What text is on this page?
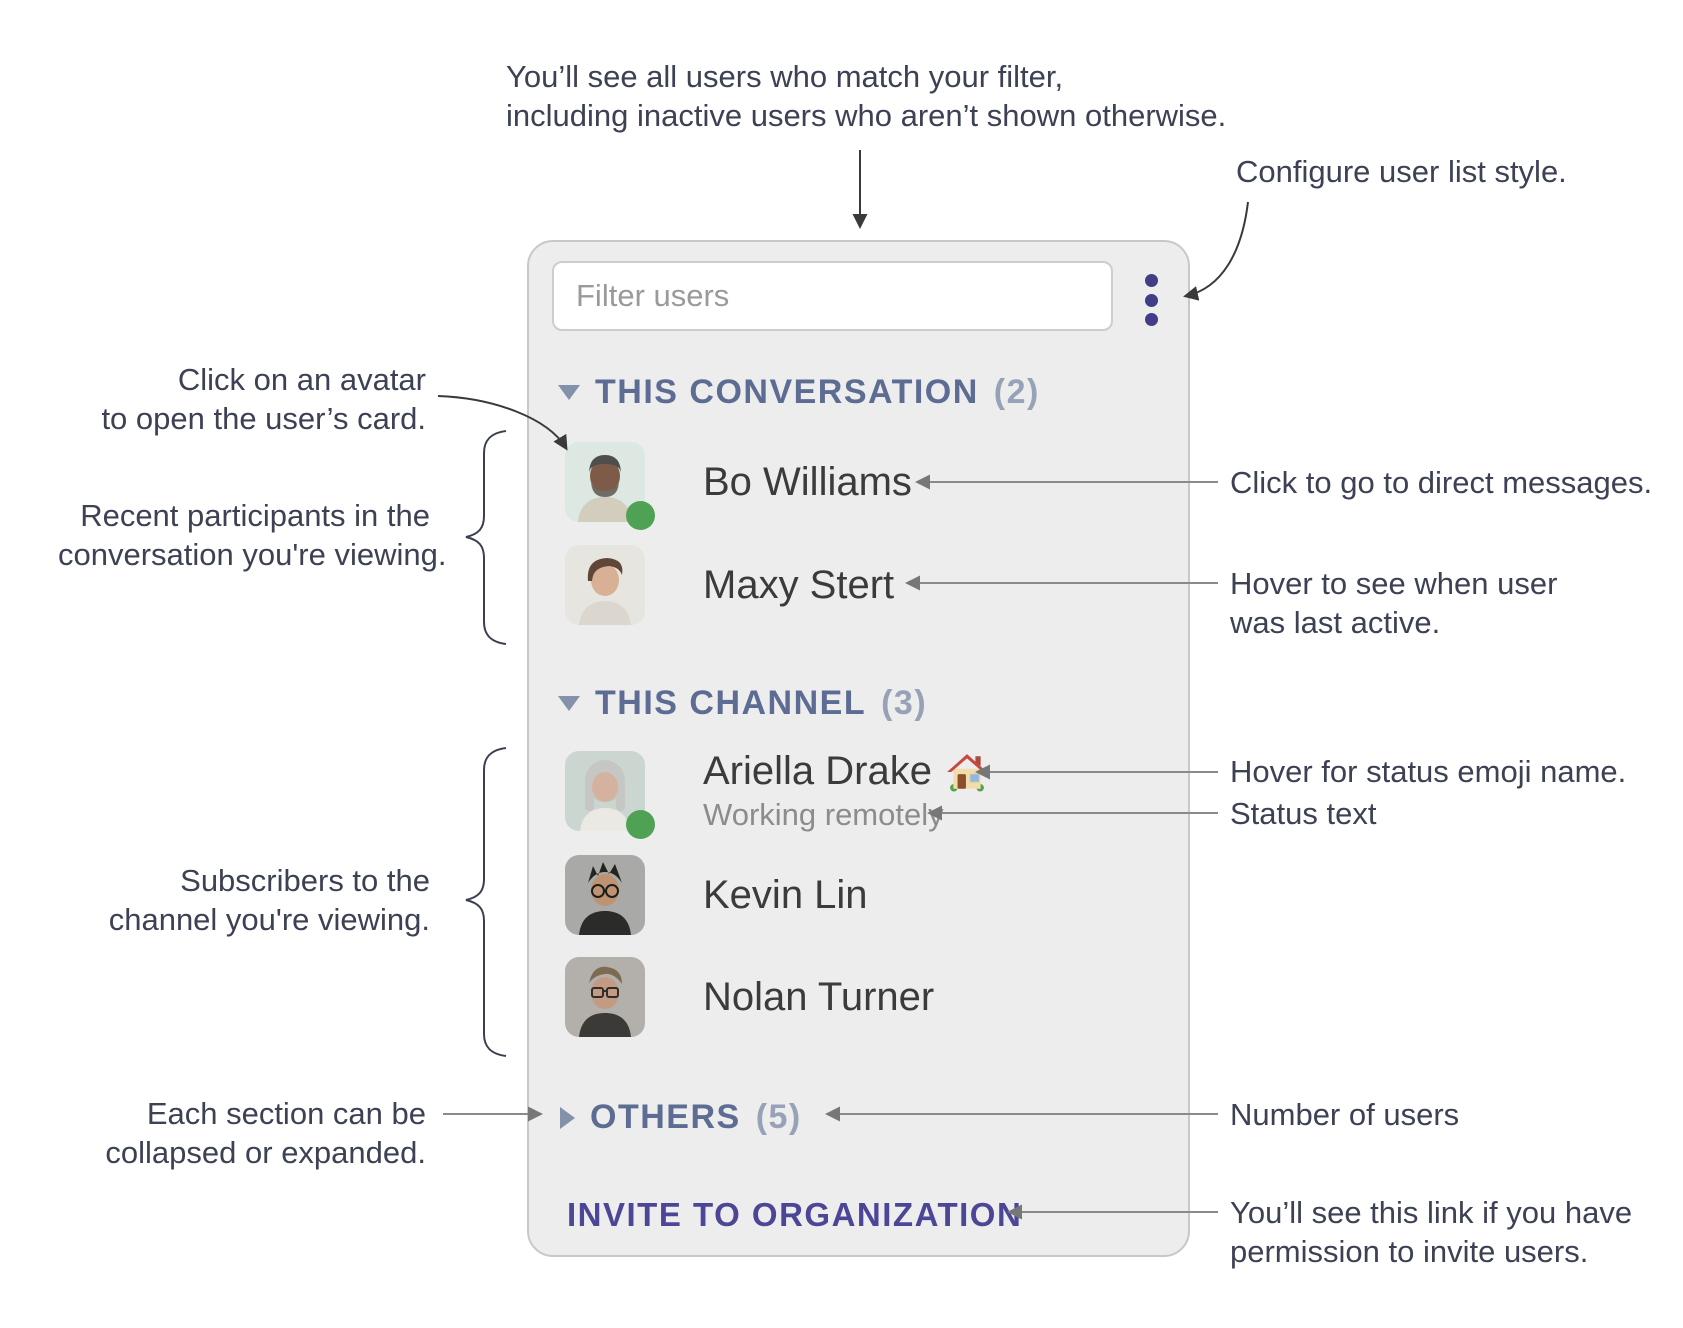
You’ll see all users who match your filter,
including inactive users who aren’t shown otherwise.
Configure user list style.
Click on an avatar
to open the user’s card.
Recent participants in the
conversation you're viewing.
Subscribers to the
channel you're viewing.
Each section can be
collapsed or expanded.
Click to go to direct messages.
Hover to see when user
was last active.
Hover for status emoji name.
Status text
Number of users
You’ll see this link if you have
permission to invite users.
Filter users
THIS CONVERSATION (2)
Bo Williams
Maxy Stert
THIS CHANNEL (3)
Ariella Drake
Working remotely
Kevin Lin
Nolan Turner
OTHERS (5)
INVITE TO ORGANIZATION
